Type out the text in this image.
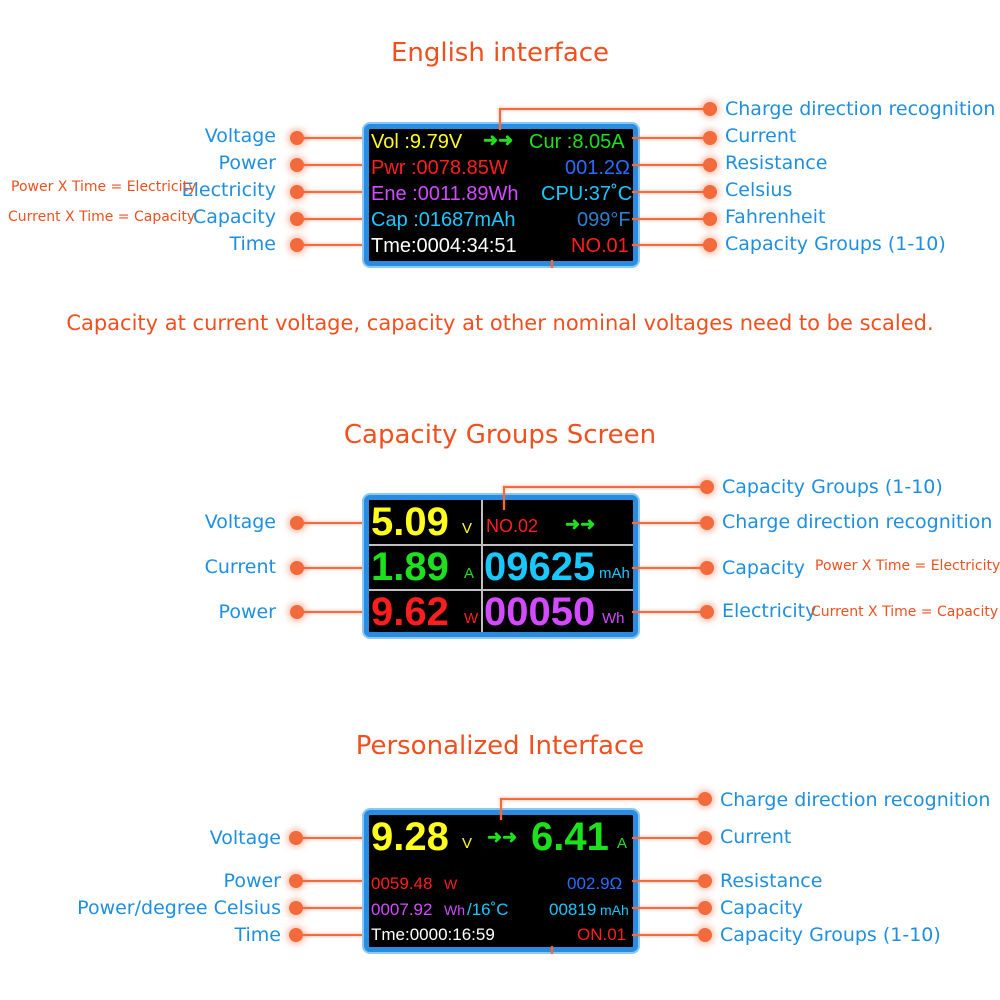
English interface
Voltage
Power
Electricity
Capacity
Time
Power X Time = Electricity
Current X Time = Capacity
Vol :9.79V ➜➜ Cur :8.05A
Pwr :0078.85W	001.2Ω
Ene :0011.89Wh CPU:37˚C
Cap :01687mAh	099°F
Tme:0004:34:51	NO.01
Charge direction recognition
Current
Resistance
Celsius
Fahrenheit
Capacity Groups (1-10)
Capacity at current voltage, capacity at other nominal voltages need to be scaled.
Capacity Groups Screen
Voltage
Current
Power
5.09 V NO.02 ➜➜
1.89 A 09625 mAh
9.62 W 00050 Wh
Capacity Groups (1-10)
Charge direction recognition
Capacity
Electricity
Power X Time = Electricity
Current X Time = Capacity
Personalized Interface
Voltage
Power
Power/degree Celsius
Time
9.28 V ➜➜ 6.41 A
0059.48 W	002.9Ω
0007.92 Wh /16˚C 00819 mAh
Tme:0000:16:59	ON.01
Charge direction recognition
Current
Resistance
Capacity
Capacity Groups (1-10)
